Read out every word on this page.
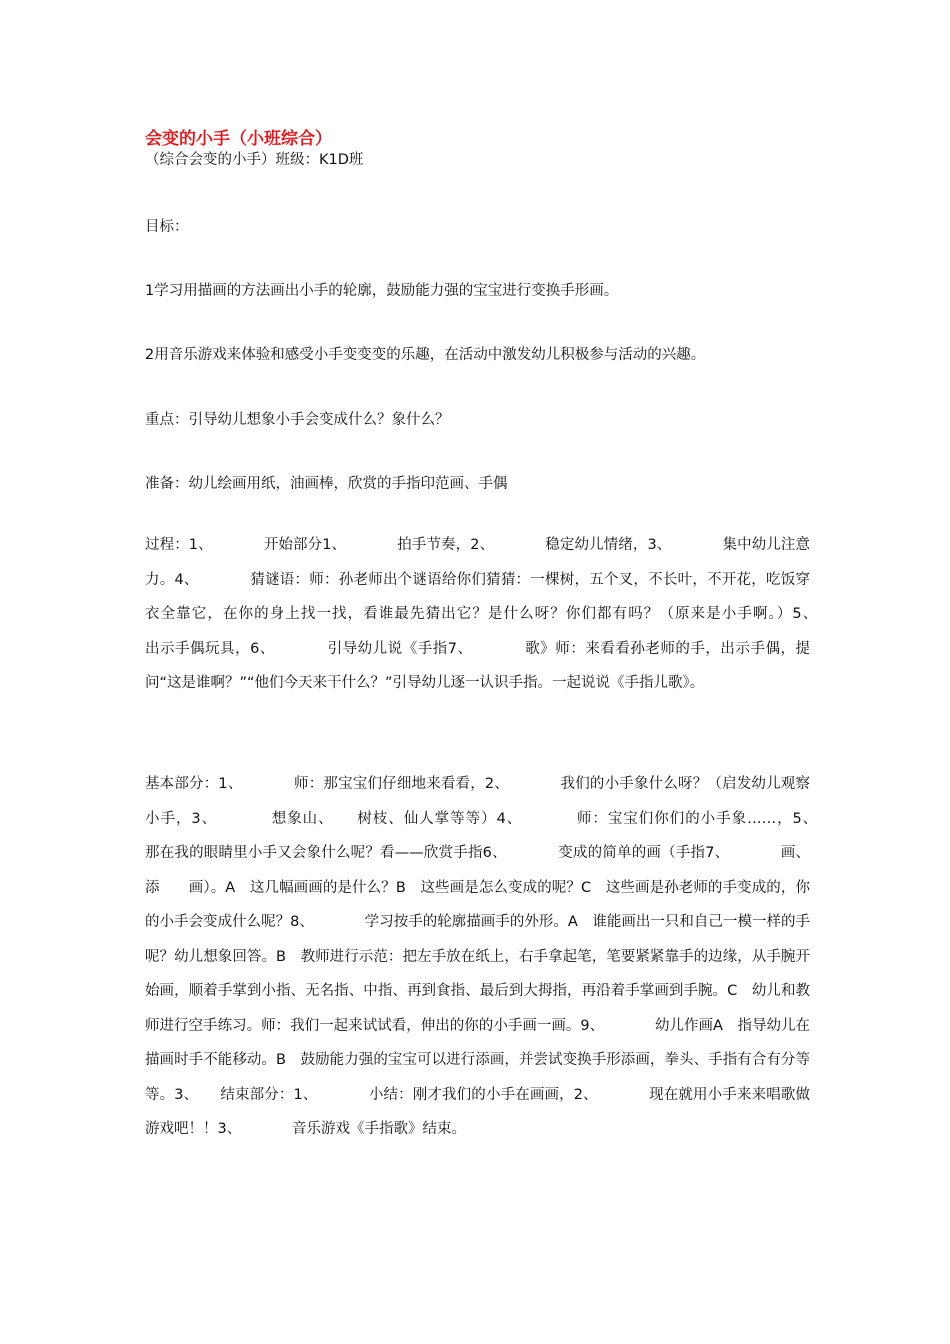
会变的小手（小班综合）
（综合会变的小手）班级：K1D班
目标：
1学习用描画的方法画出小手的轮廓，鼓励能力强的宝宝进行变换手形画。
2用音乐游戏来体验和感受小手变变变的乐趣，在活动中激发幼儿积极参与活动的兴趣。
重点：引导幼儿想象小手会变成什么？象什么？
准备：幼儿绘画用纸，油画棒，欣赏的手指印范画、手偶
过程：1、　　　　开始部分1、　　　　拍手节奏，2、　　　　稳定幼儿情绪，3、　　　　集中幼儿注意力。4、　　　　猜谜语：师：孙老师出个谜语给你们猜猜：一棵树，五个叉，不长叶，不开花，吃饭穿衣全靠它，在你的身上找一找，看谁最先猜出它？是什么呀？你们都有吗？（原来是小手啊。）5、　　　　出示手偶玩具，6、　　　　引导幼儿说《手指7、　　　　歌》师：来看看孙老师的手，出示手偶，提问“这是谁啊？”“他们今天来干什么？”引导幼儿逐一认识手指。一起说说《手指儿歌》。
基本部分：1、　　　　师：那宝宝们仔细地来看看，2、　　　　我们的小手象什么呀？（启发幼儿观察小手，3、　　　　想象山、　　树枝、仙人掌等等）4、　　　　师：宝宝们你们的小手象……，5、　　　　那在我的眼睛里小手又会象什么呢？看——欣赏手指6、　　　　变成的简单的画（手指7、　　　　画、添　　画）。A　这几幅画画的是什么？B　这些画是怎么变成的呢？C　这些画是孙老师的手变成的，你的小手会变成什么呢？8、　　　　学习按手的轮廓描画手的外形。A　谁能画出一只和自己一模一样的手呢？幼儿想象回答。B　教师进行示范：把左手放在纸上，右手拿起笔，笔要紧紧靠手的边缘，从手腕开始画，顺着手掌到小指、无名指、中指、再到食指、最后到大拇指，再沿着手掌画到手腕。C　幼儿和教师进行空手练习。师：我们一起来试试看，伸出的你的小手画一画。9、　　　　幼儿作画A　指导幼儿在描画时手不能移动。B　鼓励能力强的宝宝可以进行添画，并尝试变换手形添画，拳头、手指有合有分等等。3、　　结束部分：1、　　　　小结：刚才我们的小手在画画，2、　　　　现在就用小手来来唱歌做游戏吧！！3、　　　　音乐游戏《手指歌》结束。
